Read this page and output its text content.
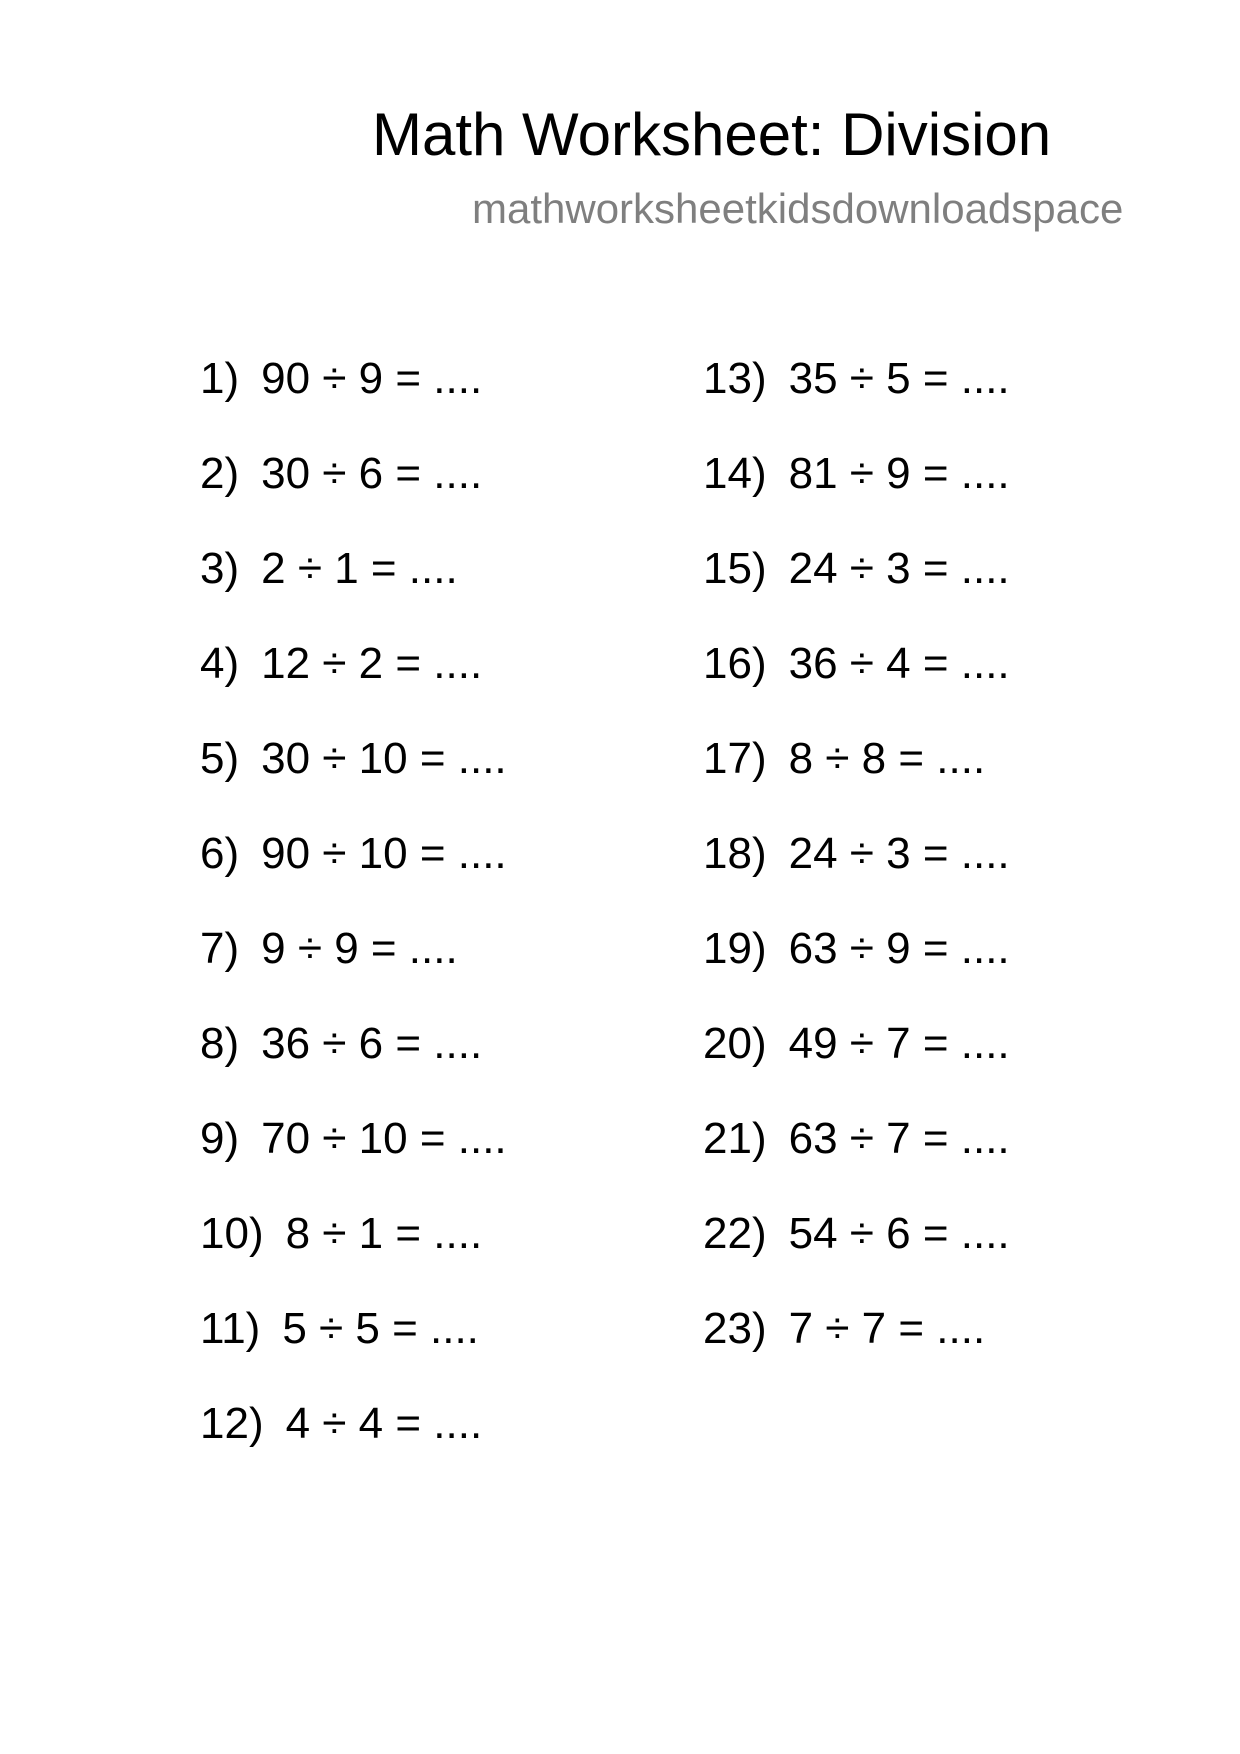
Math Worksheet: Division
mathworksheetkidsdownloadspace
1) 90 ÷ 9 = ....
2) 30 ÷ 6 = ....
3) 2 ÷ 1 = ....
4) 12 ÷ 2 = ....
5) 30 ÷ 10 = ....
6) 90 ÷ 10 = ....
7) 9 ÷ 9 = ....
8) 36 ÷ 6 = ....
9) 70 ÷ 10 = ....
10) 8 ÷ 1 = ....
11) 5 ÷ 5 = ....
12) 4 ÷ 4 = ....
13) 35 ÷ 5 = ....
14) 81 ÷ 9 = ....
15) 24 ÷ 3 = ....
16) 36 ÷ 4 = ....
17) 8 ÷ 8 = ....
18) 24 ÷ 3 = ....
19) 63 ÷ 9 = ....
20) 49 ÷ 7 = ....
21) 63 ÷ 7 = ....
22) 54 ÷ 6 = ....
23) 7 ÷ 7 = ....
